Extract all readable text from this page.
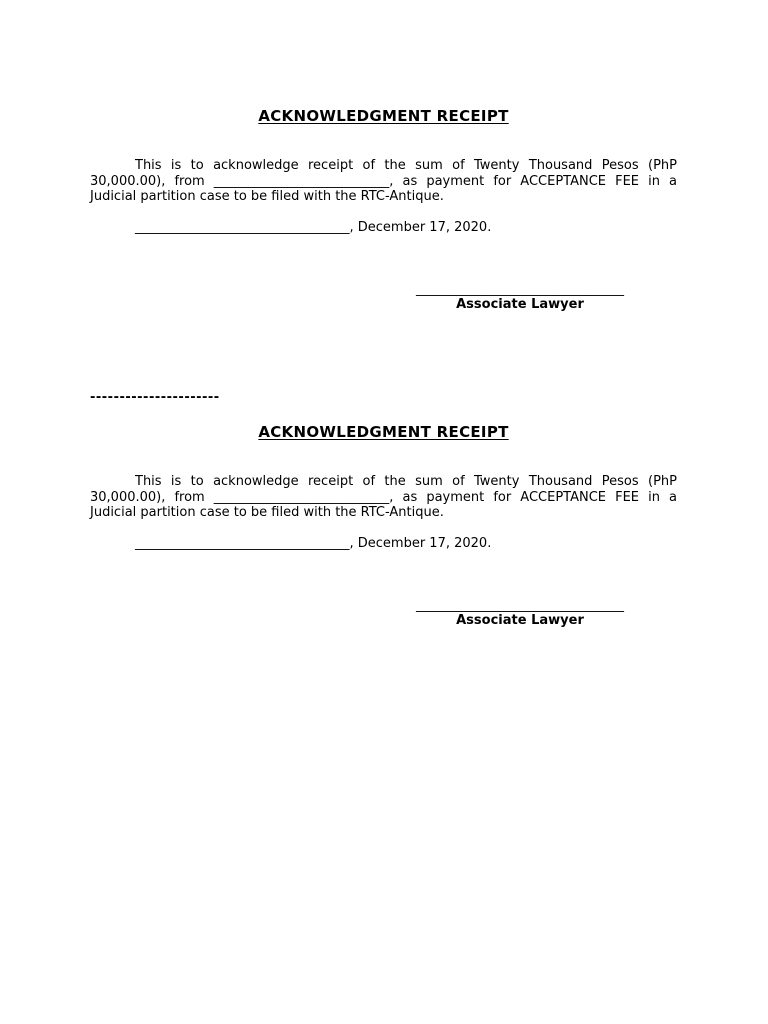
ACKNOWLEDGMENT RECEIPT

This is to acknowledge receipt of the sum of Twenty Thousand Pesos (PhP 30,000.00), from ___________________________, as payment for ACCEPTANCE FEE in a Judicial partition case to be filed with the RTC-Antique.

_________________________________, December 17, 2020.

________________________________
Associate Lawyer
----------------------
ACKNOWLEDGMENT RECEIPT

This is to acknowledge receipt of the sum of Twenty Thousand Pesos (PhP 30,000.00), from ___________________________, as payment for ACCEPTANCE FEE in a Judicial partition case to be filed with the RTC-Antique.

_________________________________, December 17, 2020.

________________________________
Associate Lawyer
